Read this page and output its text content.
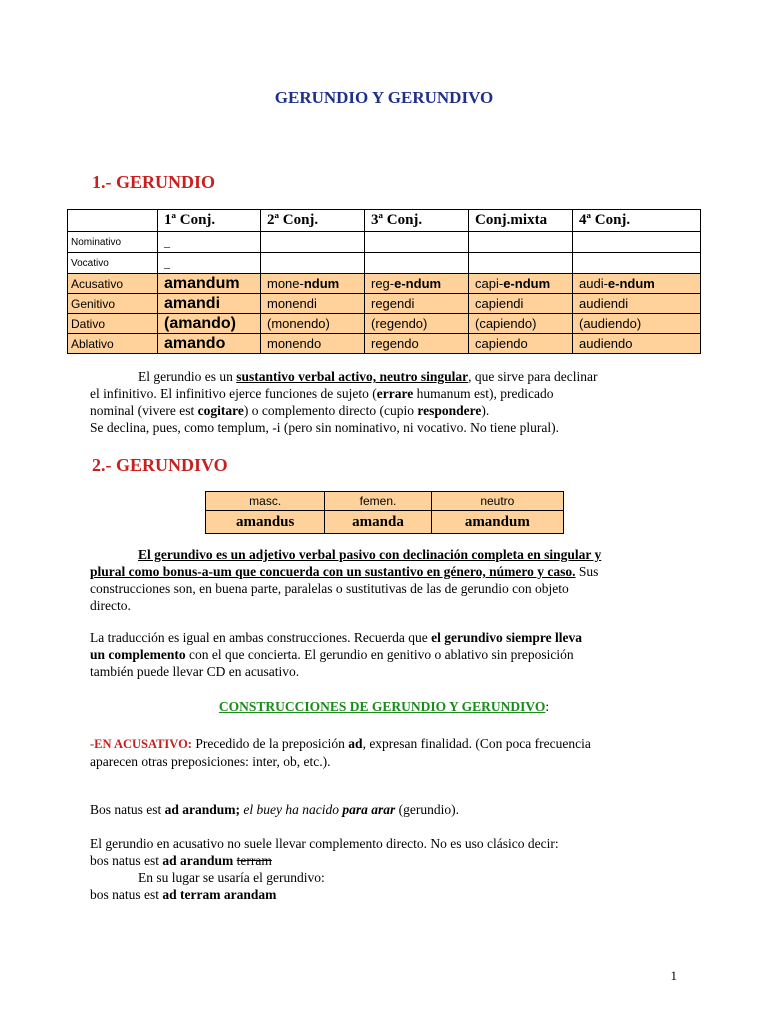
GERUNDIO Y GERUNDIVO
1.- GERUNDIO
	1ª Conj.	2ª Conj.	3ª Conj.	Conj.mixta	4ª Conj.
Nominativo	_				
Vocativo	_				
Acusativo	amandum	mone-ndum	reg-e-ndum	capi-e-ndum	audi-e-ndum
Genitivo	amandi	monendi	regendi	capiendi	audiendi
Dativo	(amando)	(monendo)	(regendo)	(capiendo)	(audiendo)
Ablativo	amando	monendo	regendo	capiendo	audiendo
El gerundio es un sustantivo verbal activo, neutro singular, que sirve para declinar
el infinitivo. El infinitivo ejerce funciones de sujeto (errare humanum est), predicado
nominal (vivere est cogitare) o complemento directo (cupio respondere).
Se declina, pues, como templum, -i (pero sin nominativo, ni vocativo. No tiene plural).
2.- GERUNDIVO
masc.	femen.	neutro
amandus	amanda	amandum
El gerundivo es un adjetivo verbal pasivo con declinación completa en singular y
plural como bonus-a-um que concuerda con un sustantivo en género, número y caso. Sus
construcciones son, en buena parte, paralelas o sustitutivas de las de gerundio con objeto
directo.
La traducción es igual en ambas construcciones. Recuerda que el gerundivo siempre lleva
un complemento con el que concierta. El gerundio en genitivo o ablativo sin preposición
también puede llevar CD en acusativo.
CONSTRUCCIONES DE GERUNDIO Y GERUNDIVO:
-EN ACUSATIVO: Precedido de la preposición ad, expresan finalidad. (Con poca frecuencia
aparecen otras preposiciones: inter, ob, etc.).
Bos natus est ad arandum; el buey ha nacido para arar (gerundio).
El gerundio en acusativo no suele llevar complemento directo. No es uso clásico decir:
bos natus est ad arandum terram
En su lugar se usaría el gerundivo:
bos natus est ad terram arandam
1
